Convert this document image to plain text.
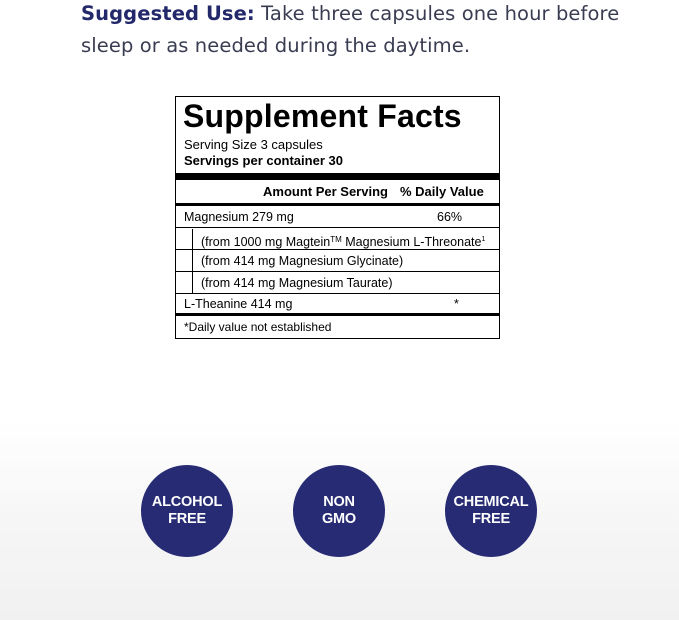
Suggested Use: Take three capsules one hour before
sleep or as needed during the daytime.
Supplement Facts
Serving Size 3 capsules
Servings per container 30
Amount Per Serving % Daily Value
Magnesium 279 mg	66%
(from 1000 mg Magtein™ Magnesium L-Threonate$^1$
(from 414 mg Magnesium Glycinate)
(from 414 mg Magnesium Taurate)
L-Theanine 414 mg	*
*Daily value not established
ALCOHOL
FREE
NON
GMO
CHEMICAL
FREE
